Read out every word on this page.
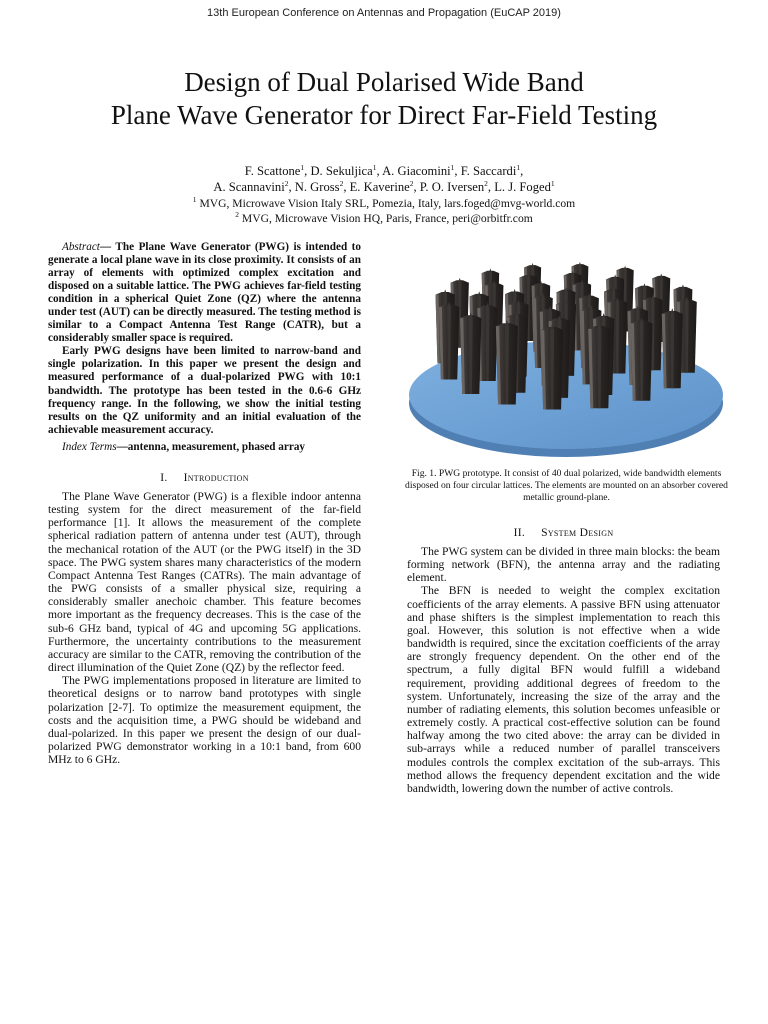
13th European Conference on Antennas and Propagation (EuCAP 2019)
Design of Dual Polarised Wide Band
Plane Wave Generator for Direct Far-Field Testing
F. Scattone$^1$, D. Sekuljica$^1$, A. Giacomini$^1$, F. Saccardi$^1$,
A. Scannavini$^2$, N. Gross$^2$, E. Kaverine$^2$, P. O. Iversen$^2$, L. J. Foged$^1$
$^1$ MVG, Microwave Vision Italy SRL, Pomezia, Italy, lars.foged@mvg-world.com
$^2$ MVG, Microwave Vision HQ, Paris, France, peri@orbitfr.com

Abstract— The Plane Wave Generator (PWG) is intended to generate a local plane wave in its close proximity. It consists of an array of elements with optimized complex excitation and disposed on a suitable lattice. The PWG achieves far-field testing condition in a spherical Quiet Zone (QZ) where the antenna under test (AUT) can be directly measured. The testing method is similar to a Compact Antenna Test Range (CATR), but a considerably smaller space is required.

Early PWG designs have been limited to narrow-band and single polarization. In this paper we present the design and measured performance of a dual-polarized PWG with 10:1 bandwidth. The prototype has been tested in the 0.6-6 GHz frequency range. In the following, we show the initial testing results on the QZ uniformity and an initial evaluation of the achievable measurement accuracy.

Index Terms—antenna, measurement, phased array

I. Introduction

The Plane Wave Generator (PWG) is a flexible indoor antenna testing system for the direct measurement of the far-field performance [1]. It allows the measurement of the complete spherical radiation pattern of antenna under test (AUT), through the mechanical rotation of the AUT (or the PWG itself) in the 3D space. The PWG system shares many characteristics of the modern Compact Antenna Test Ranges (CATRs). The main advantage of the PWG consists of a smaller physical size, requiring a considerably smaller anechoic chamber. This feature becomes more important as the frequency decreases. This is the case of the sub-6 GHz band, typical of 4G and upcoming 5G applications. Furthermore, the uncertainty contributions to the measurement accuracy are similar to the CATR, removing the contribution of the direct illumination of the Quiet Zone (QZ) by the reflector feed.

The PWG implementations proposed in literature are limited to theoretical designs or to narrow band prototypes with single polarization [2-7]. To optimize the measurement equipment, the costs and the acquisition time, a PWG should be wideband and dual-polarized. In this paper we present the design of our dual-polarized PWG demonstrator working in a 10:1 band, from 600 MHz to 6 GHz.

Fig. 1. PWG prototype. It consist of 40 dual polarized, wide bandwidth elements disposed on four circular lattices. The elements are mounted on an absorber covered metallic ground-plane.
II. System Design

The PWG system can be divided in three main blocks: the beam forming network (BFN), the antenna array and the radiating element.

The BFN is needed to weight the complex excitation coefficients of the array elements. A passive BFN using attenuator and phase shifters is the simplest implementation to reach this goal. However, this solution is not effective when a wide bandwidth is required, since the excitation coefficients of the array are strongly frequency dependent. On the other end of the spectrum, a fully digital BFN would fulfill a wideband requirement, providing additional degrees of freedom to the system. Unfortunately, increasing the size of the array and the number of radiating elements, this solution becomes unfeasible or extremely costly. A practical cost-effective solution can be found halfway among the two cited above: the array can be divided in sub-arrays while a reduced number of parallel transceivers modules controls the complex excitation of the sub-arrays. This method allows the frequency dependent excitation and the wide bandwidth, lowering down the number of active controls.
